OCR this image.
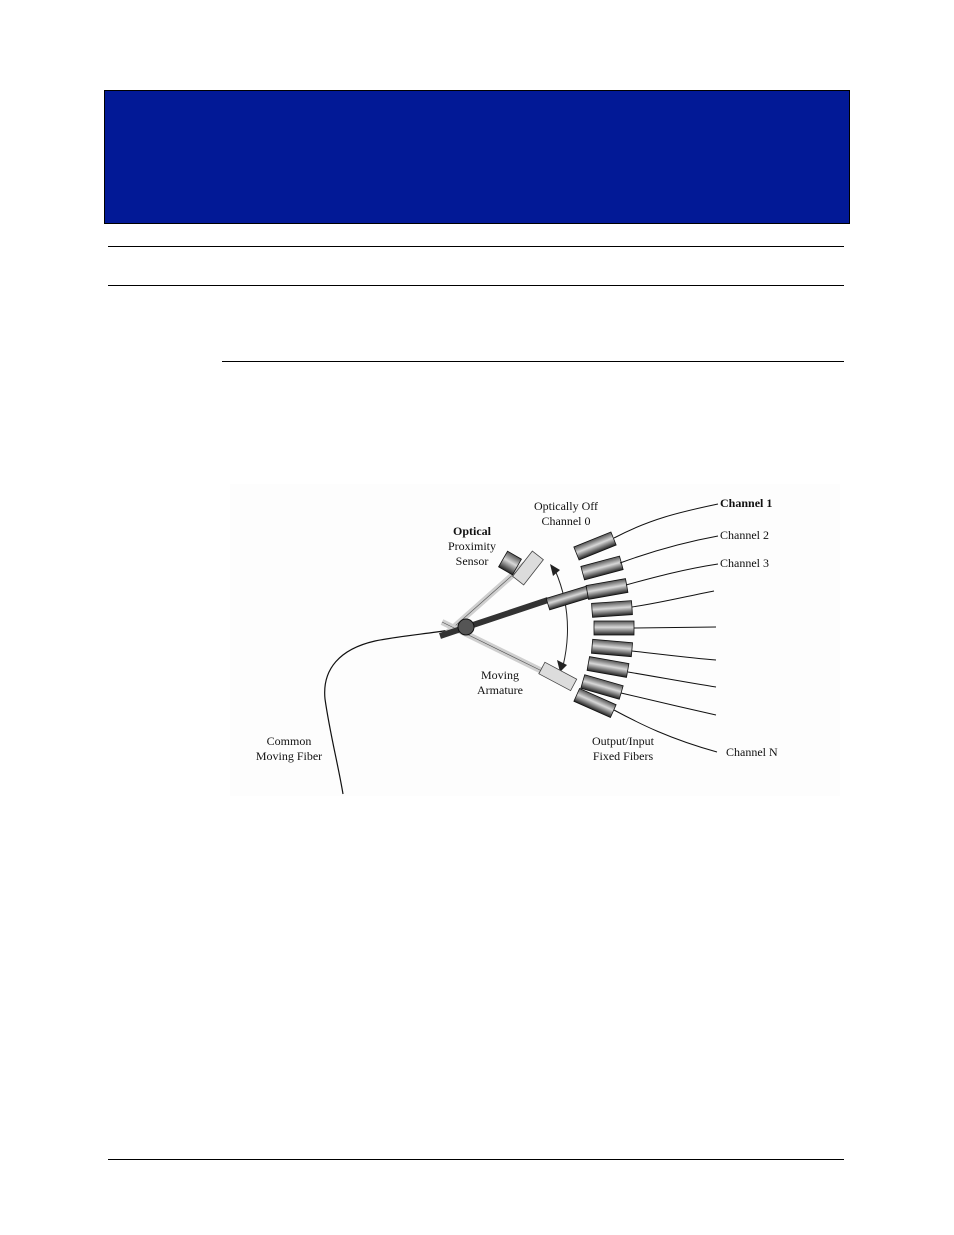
Channel 1
Channel 2
Channel 3
Channel N
Optically Off
Channel 0
Optical
Proximity
Sensor
Moving
Armature
Common
Moving Fiber
Output/Input
Fixed Fibers
